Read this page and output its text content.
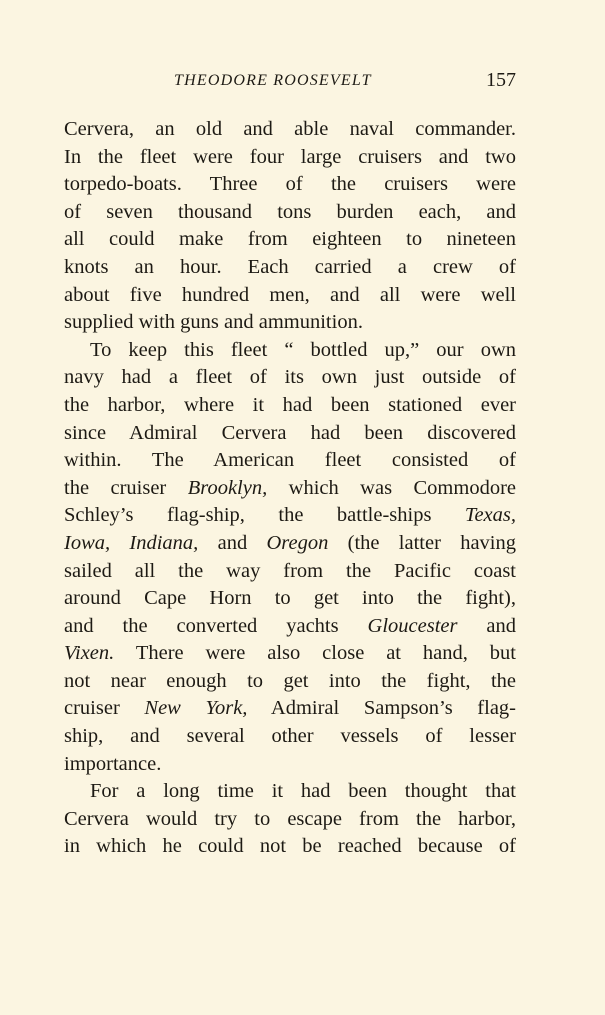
THEODORE ROOSEVELT	157
Cervera, an old and able naval commander.
In the fleet were four large cruisers and two
torpedo-boats. Three of the cruisers were
of seven thousand tons burden each, and
all could make from eighteen to nineteen
knots an hour. Each carried a crew of
about five hundred men, and all were well
supplied with guns and ammunition.
To keep this fleet “ bottled up,” our own
navy had a fleet of its own just outside of
the harbor, where it had been stationed ever
since Admiral Cervera had been discovered
within. The American fleet consisted of
the cruiser Brooklyn, which was Commodore
Schley’s flag-ship, the battle-ships Texas,
Iowa, Indiana, and Oregon (the latter having
sailed all the way from the Pacific coast
around Cape Horn to get into the fight),
and the converted yachts Gloucester and
Vixen. There were also close at hand, but
not near enough to get into the fight, the
cruiser New York, Admiral Sampson’s flag-
ship, and several other vessels of lesser
importance.
For a long time it had been thought that
Cervera would try to escape from the harbor,
in which he could not be reached because of
